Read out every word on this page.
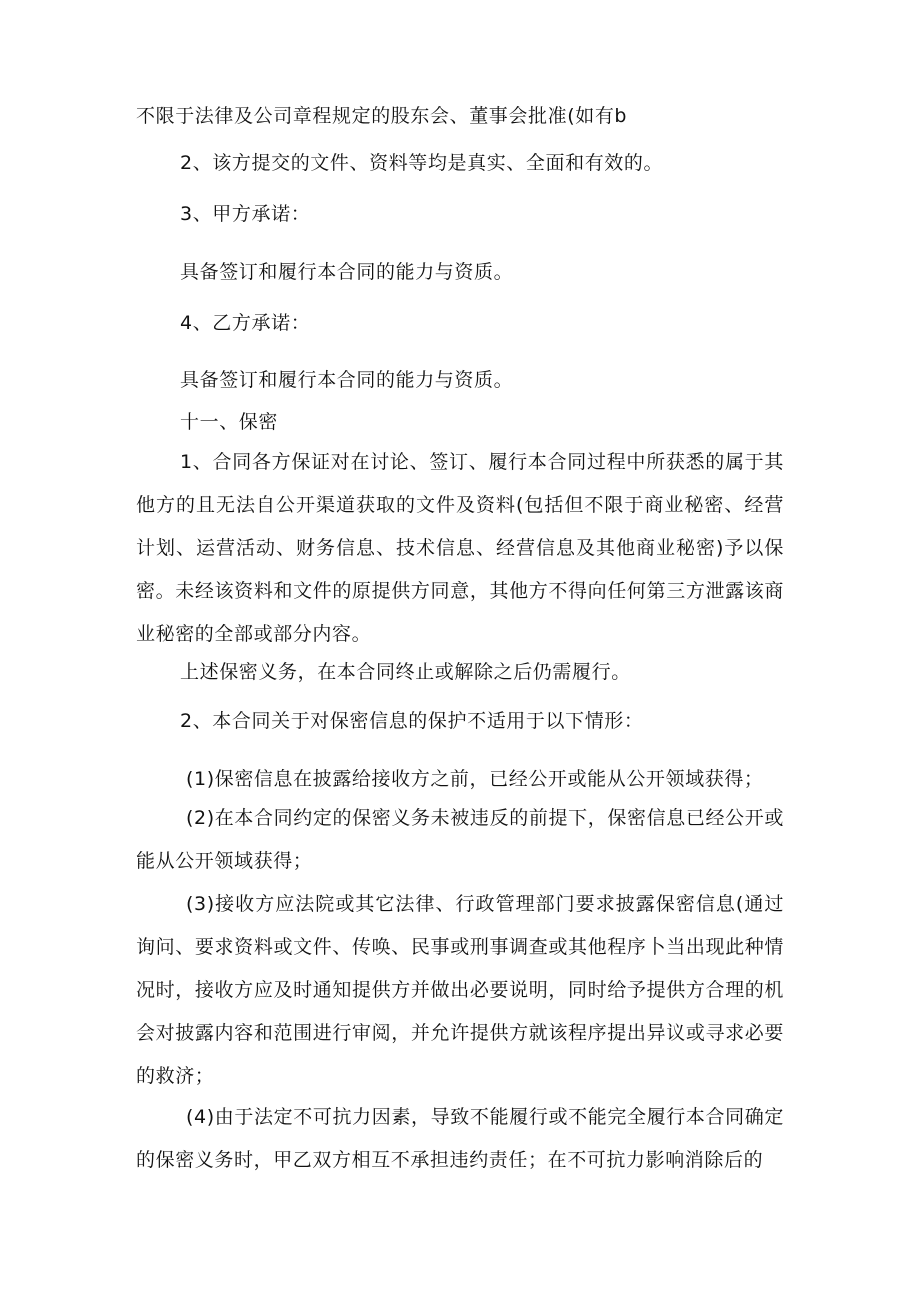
不限于法律及公司章程规定的股东会、董事会批准(如有b
2、该方提交的文件、资料等均是真实、全面和有效的。
3、甲方承诺：
具备签订和履行本合同的能力与资质。
4、乙方承诺：
具备签订和履行本合同的能力与资质。
十一、保密
1、合同各方保证对在讨论、签订、履行本合同过程中所获悉的属于其他方的且无法自公开渠道获取的文件及资料(包括但不限于商业秘密、经营计划、运营活动、财务信息、技术信息、经营信息及其他商业秘密)予以保密。未经该资料和文件的原提供方同意，其他方不得向任何第三方泄露该商业秘密的全部或部分内容。
上述保密义务，在本合同终止或解除之后仍需履行。
2、本合同关于对保密信息的保护不适用于以下情形：
(1)保密信息在披露给接收方之前，已经公开或能从公开领域获得；
(2)在本合同约定的保密义务未被违反的前提下，保密信息已经公开或能从公开领域获得；
(3)接收方应法院或其它法律、行政管理部门要求披露保密信息(通过询问、要求资料或文件、传唤、民事或刑事调查或其他程序卜当出现此种情况时，接收方应及时通知提供方并做出必要说明，同时给予提供方合理的机会对披露内容和范围进行审阅，并允许提供方就该程序提出异议或寻求必要的救济；
(4)由于法定不可抗力因素，导致不能履行或不能完全履行本合同确定的保密义务时，甲乙双方相互不承担违约责任；在不可抗力影响消除后的
